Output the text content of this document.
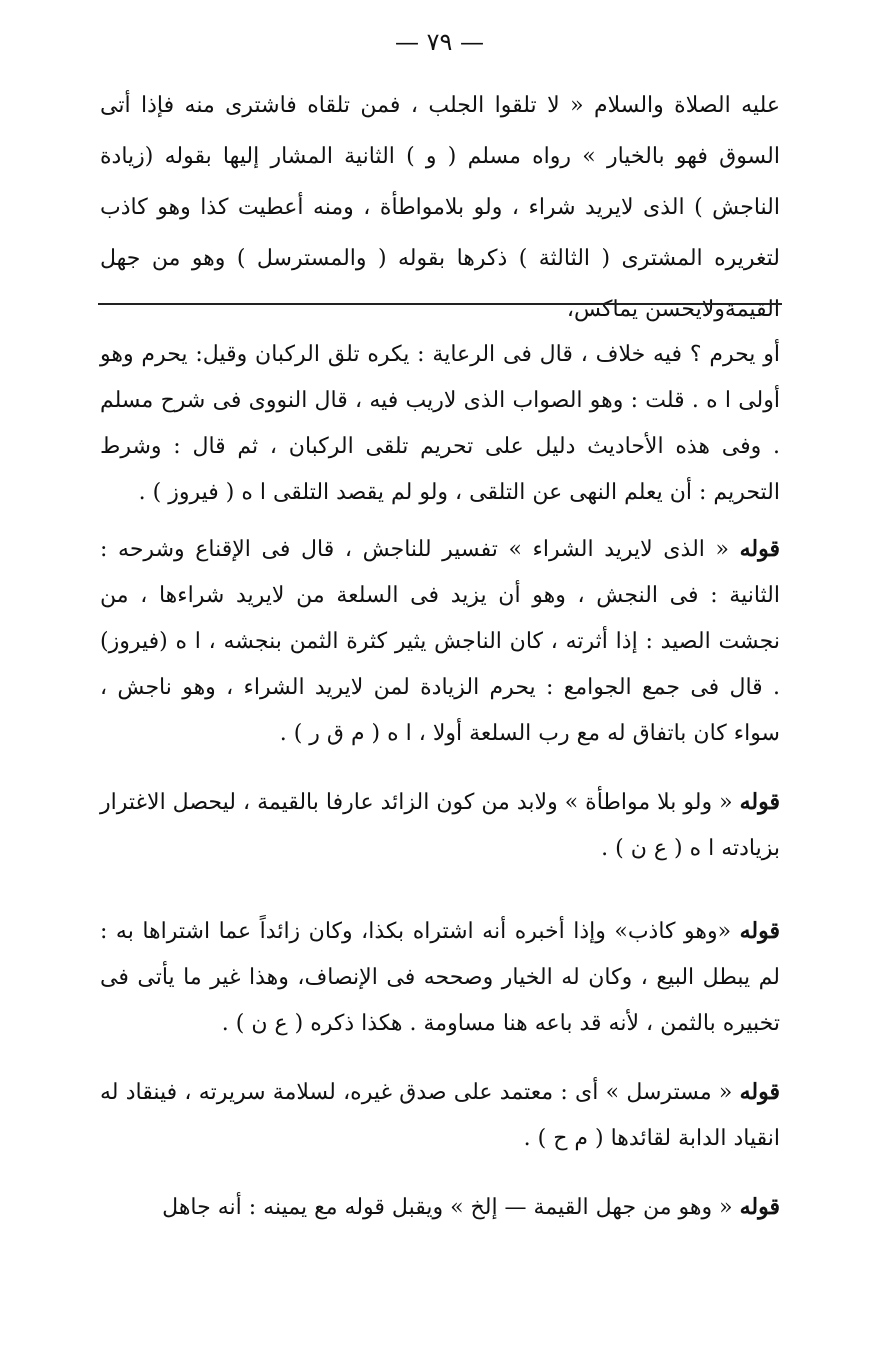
— ٧٩ —

عليه الصلاة والسلام « لا تلقوا الجلب ، فمن تلقاه فاشترى منه فإذا أتى السوق فهو بالخيار » رواه مسلم ( و ) الثانية المشار إليها بقوله (زيادة الناجش ) الذى لايريد شراء ، ولو بلامواطأة ، ومنه أعطيت كذا وهو كاذب لتغريره المشترى ( الثالثة ) ذكرها بقوله ( والمسترسل ) وهو من جهل القيمةولايحسن يماكس،

أو يحرم ؟ فيه خلاف ، قال فى الرعاية : يكره تلق الركبان وقيل: يحرم وهو أولى ا ه . قلت : وهو الصواب الذى لاريب فيه ، قال النووى فى شرح مسلم . وفى هذه الأحاديث دليل على تحريم تلقى الركبان ، ثم قال : وشرط التحريم : أن يعلم النهى عن التلقى ، ولو لم يقصد التلقى ا ه ( فيروز ) .

قوله « الذى لايريد الشراء » تفسير للناجش ، قال فى الإقناع وشرحه : الثانية : فى النجش ، وهو أن يزيد فى السلعة من لايريد شراءها ، من نجشت الصيد : إذا أثرته ، كان الناجش يثير كثرة الثمن بنجشه ، ا ه (فيروز) . قال فى جمع الجوامع : يحرم الزيادة لمن لايريد الشراء ، وهو ناجش ، سواء كان باتفاق له مع رب السلعة أولا ، ا ه ( م ق ر ) .

قوله « ولو بلا مواطأة » ولابد من كون الزائد عارفا بالقيمة ، ليحصل الاغترار بزيادته ا ه ( ع ن ) .

قوله «وهو كاذب» وإذا أخبره أنه اشتراه بكذا، وكان زائداً عما اشتراها به : لم يبطل البيع ، وكان له الخيار وصححه فى الإنصاف، وهذا غير ما يأتى فى تخبيره بالثمن ، لأنه قد باعه هنا مساومة . هكذا ذكره ( ع ن ) .

قوله « مسترسل » أى : معتمد على صدق غيره، لسلامة سريرته ، فينقاد له انقياد الدابة لقائدها ( م ح ) .

قوله « وهو من جهل القيمة — إلخ » ويقبل قوله مع يمينه : أنه جاهل
